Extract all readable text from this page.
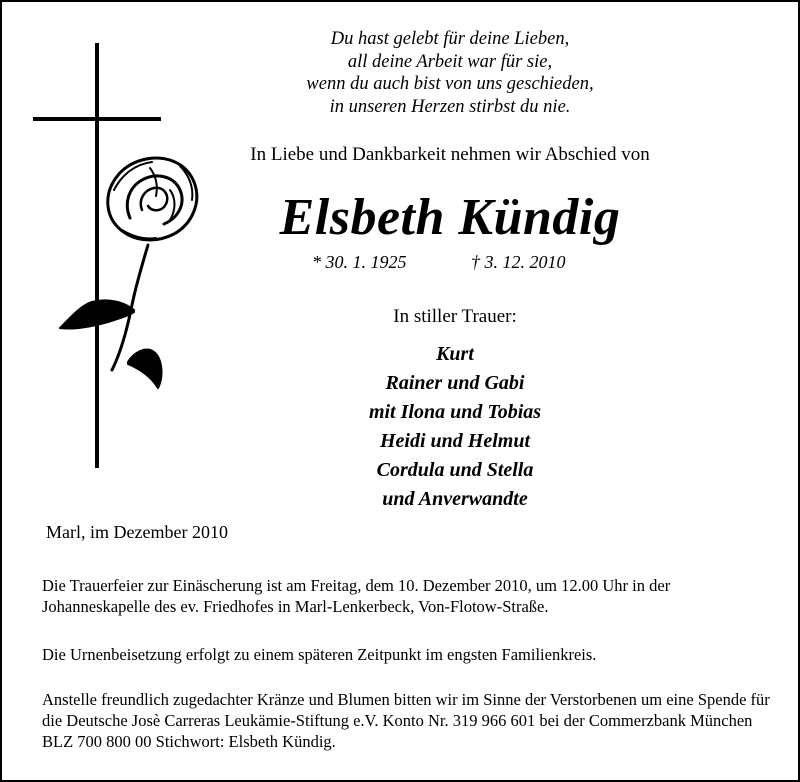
Du hast gelebt für deine Lieben,
all deine Arbeit war für sie,
wenn du auch bist von uns geschieden,
in unseren Herzen stirbst du nie.
In Liebe und Dankbarkeit nehmen wir Abschied von
Elsbeth Kündig
* 30. 1. 1925	† 3. 12. 2010
In stiller Trauer:
Kurt
Rainer und Gabi
mit Ilona und Tobias
Heidi und Helmut
Cordula und Stella
und Anverwandte
Marl, im Dezember 2010
Die Trauerfeier zur Einäscherung ist am Freitag, dem 10. Dezember 2010, um 12.00 Uhr in der Johanneskapelle des ev. Friedhofes in Marl-Lenkerbeck, Von-Flotow-Straße.
Die Urnenbeisetzung erfolgt zu einem späteren Zeitpunkt im engsten Familienkreis.
Anstelle freundlich zugedachter Kränze und Blumen bitten wir im Sinne der Verstorbenen um eine Spende für die Deutsche Josè Carreras Leukämie-Stiftung e.V. Konto Nr. 319 966 601 bei der Commerzbank München BLZ 700 800 00 Stichwort: Elsbeth Kündig.
